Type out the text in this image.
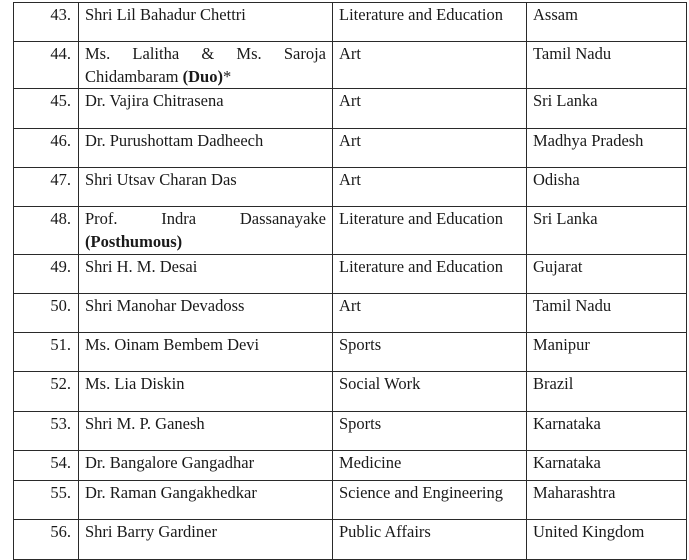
43.	Shri Lil Bahadur Chettri	Literature and Education	Assam
44.	Ms. Lalitha & Ms. Saroja Chidambaram (Duo)*	Art	Tamil Nadu
45.	Dr. Vajira Chitrasena	Art	Sri Lanka
46.	Dr. Purushottam Dadheech	Art	Madhya Pradesh
47.	Shri Utsav Charan Das	Art	Odisha
48.	Prof. Indra Dassanayake (Posthumous)	Literature and Education	Sri Lanka
49.	Shri H. M. Desai	Literature and Education	Gujarat
50.	Shri Manohar Devadoss	Art	Tamil Nadu
51.	Ms. Oinam Bembem Devi	Sports	Manipur
52.	Ms. Lia Diskin	Social Work	Brazil
53.	Shri M. P. Ganesh	Sports	Karnataka
54.	Dr. Bangalore Gangadhar	Medicine	Karnataka
55.	Dr. Raman Gangakhedkar	Science and Engineering	Maharashtra
56.	Shri Barry Gardiner	Public Affairs	United Kingdom
